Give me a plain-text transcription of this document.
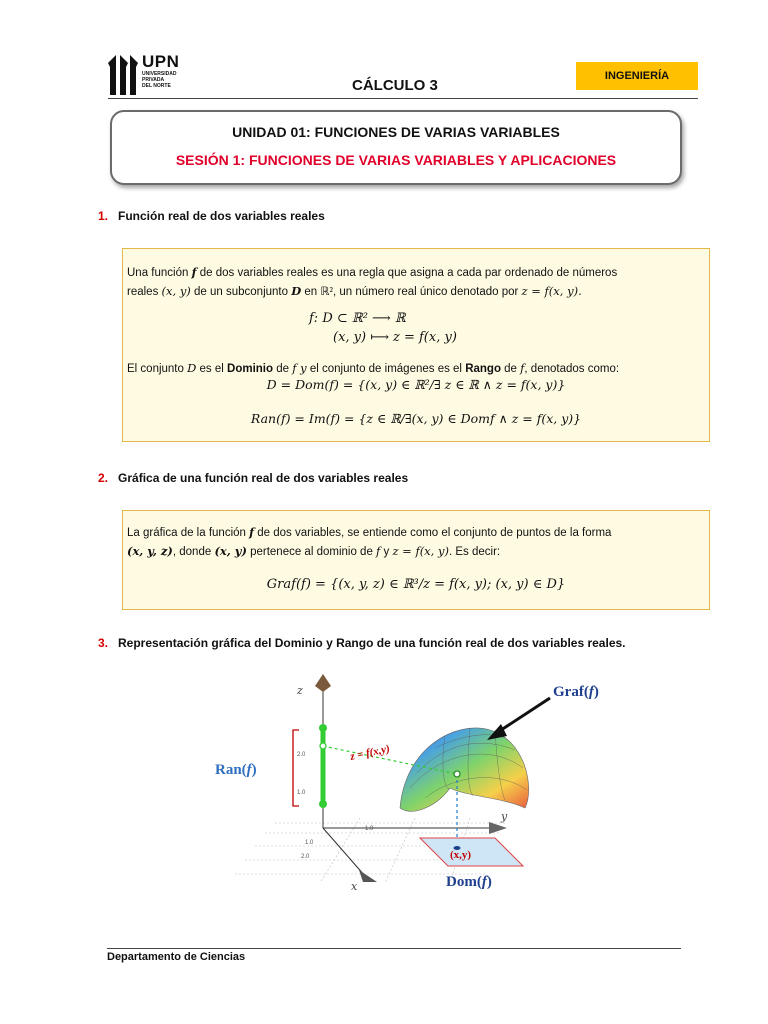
UPN
UNIVERSIDAD
PRIVADA
DEL NORTE	CÁLCULO 3
INGENIERÍA
UNIDAD 01: FUNCIONES DE VARIAS VARIABLES
SESIÓN 1: FUNCIONES DE VARIAS VARIABLES Y APLICACIONES
1. Función real de dos variables reales
Una función f de dos variables reales es una regla que asigna a cada par ordenado de números
reales (x, y) de un subconjunto D en ℝ², un número real único denotado por z = f(x, y).
f: D ⊂ ℝ² ⟶ ℝ
(x, y) ⟼ z = f(x, y)
El conjunto D es el Dominio de f y el conjunto de imágenes es el Rango de f, denotados como:
D = Dom(f) = {(x, y) ∈ ℝ²/∃ z ∈ ℝ ∧ z = f(x, y)}
Ran(f) = Im(f) = {z ∈ ℝ/∃(x, y) ∈ Domf ∧ z = f(x, y)}
2. Gráfica de una función real de dos variables reales
La gráfica de la función f de dos variables, se entiende como el conjunto de puntos de la forma
(x, y, z), donde (x, y) pertenece al dominio de f y z = f(x, y). Es decir:
Graf(f) = {(x, y, z) ∈ ℝ³/z = f(x, y); (x, y) ∈ D}
3. Representación gráfica del Dominio y Rango de una función real de dos variables reales.
z
y
x
2.0
1.0
1.0
1.0
2.0
Graf(f)
Ran(f)
Dom(f)
z = f(x,y)
(x,y)
Departamento de Ciencias
